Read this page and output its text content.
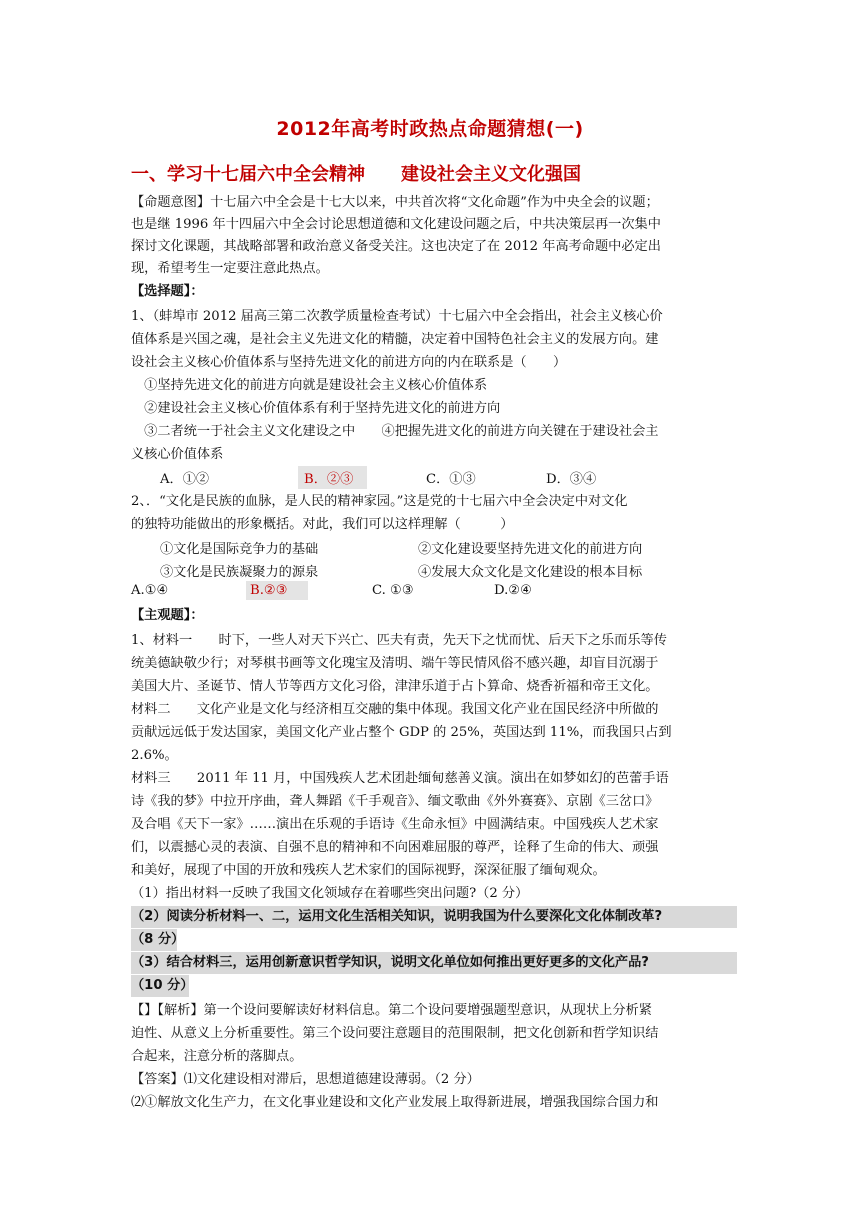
2012年高考时政热点命题猜想(一)
一、学习十七届六中全会精神　　建设社会主义文化强国
【命题意图】十七届六中全会是十七大以来，中共首次将“文化命题”作为中央全会的议题；
也是继 1996 年十四届六中全会讨论思想道德和文化建设问题之后，中共决策层再一次集中
探讨文化课题，其战略部署和政治意义备受关注。这也决定了在 2012 年高考命题中必定出
现，希望考生一定要注意此热点。
【选择题】：
1、（蚌埠市 2012 届高三第二次教学质量检查考试）十七届六中全会指出，社会主义核心价
值体系是兴国之魂，是社会主义先进文化的精髓，决定着中国特色社会主义的发展方向。建
设社会主义核心价值体系与坚持先进文化的前进方向的内在联系是（　　）
　①坚持先进文化的前进方向就是建设社会主义核心价值体系
　②建设社会主义核心价值体系有利于坚持先进文化的前进方向
　③二者统一于社会主义文化建设之中　　④把握先进文化的前进方向关键在于建设社会主
义核心价值体系
A．①②	B．②③	C．①③	D．③④
2、．“文化是民族的血脉，是人民的精神家园。”这是党的十七届六中全会决定中对文化
的独特功能做出的形象概括。对此，我们可以这样理解（　　　）
①文化是国际竞争力的基础	②文化建设要坚持先进文化的前进方向
③文化是民族凝聚力的源泉	④发展大众文化是文化建设的根本目标
A.①④	B.②③	C. ①③	D.②④
【主观题】：
1、材料一　　时下，一些人对天下兴亡、匹夫有责，先天下之忧而忧、后天下之乐而乐等传
统美德缺敬少行；对琴棋书画等文化瑰宝及清明、端午等民情风俗不感兴趣，却盲目沉溺于
美国大片、圣诞节、情人节等西方文化习俗，津津乐道于占卜算命、烧香祈福和帝王文化。
材料二　　文化产业是文化与经济相互交融的集中体现。我国文化产业在国民经济中所做的
贡献远远低于发达国家，美国文化产业占整个 GDP 的 25%，英国达到 11%，而我国只占到
2.6%。
材料三　　2011 年 11 月，中国残疾人艺术团赴缅甸慈善义演。演出在如梦如幻的芭蕾手语
诗《我的梦》中拉开序曲，聋人舞蹈《千手观音》、缅文歌曲《外外赛赛》、京剧《三岔口》
及合唱《天下一家》……演出在乐观的手语诗《生命永恒》中圆满结束。中国残疾人艺术家
们，以震撼心灵的表演、自强不息的精神和不向困难屈服的尊严，诠释了生命的伟大、顽强
和美好，展现了中国的开放和残疾人艺术家们的国际视野，深深征服了缅甸观众。
（1）指出材料一反映了我国文化领域存在着哪些突出问题?（2 分）
（2）阅读分析材料一、二，运用文化生活相关知识，说明我国为什么要深化文化体制改革?
（8 分）
（3）结合材料三，运用创新意识哲学知识，说明文化单位如何推出更好更多的文化产品?
（10 分）
【】【解析】第一个设问要解读好材料信息。第二个设问要增强题型意识，从现状上分析紧
迫性、从意义上分析重要性。第三个设问要注意题目的范围限制，把文化创新和哲学知识结
合起来，注意分析的落脚点。
【答案】⑴文化建设相对滞后，思想道德建设薄弱。（2 分）
⑵①解放文化生产力，在文化事业建设和文化产业发展上取得新进展，增强我国综合国力和
